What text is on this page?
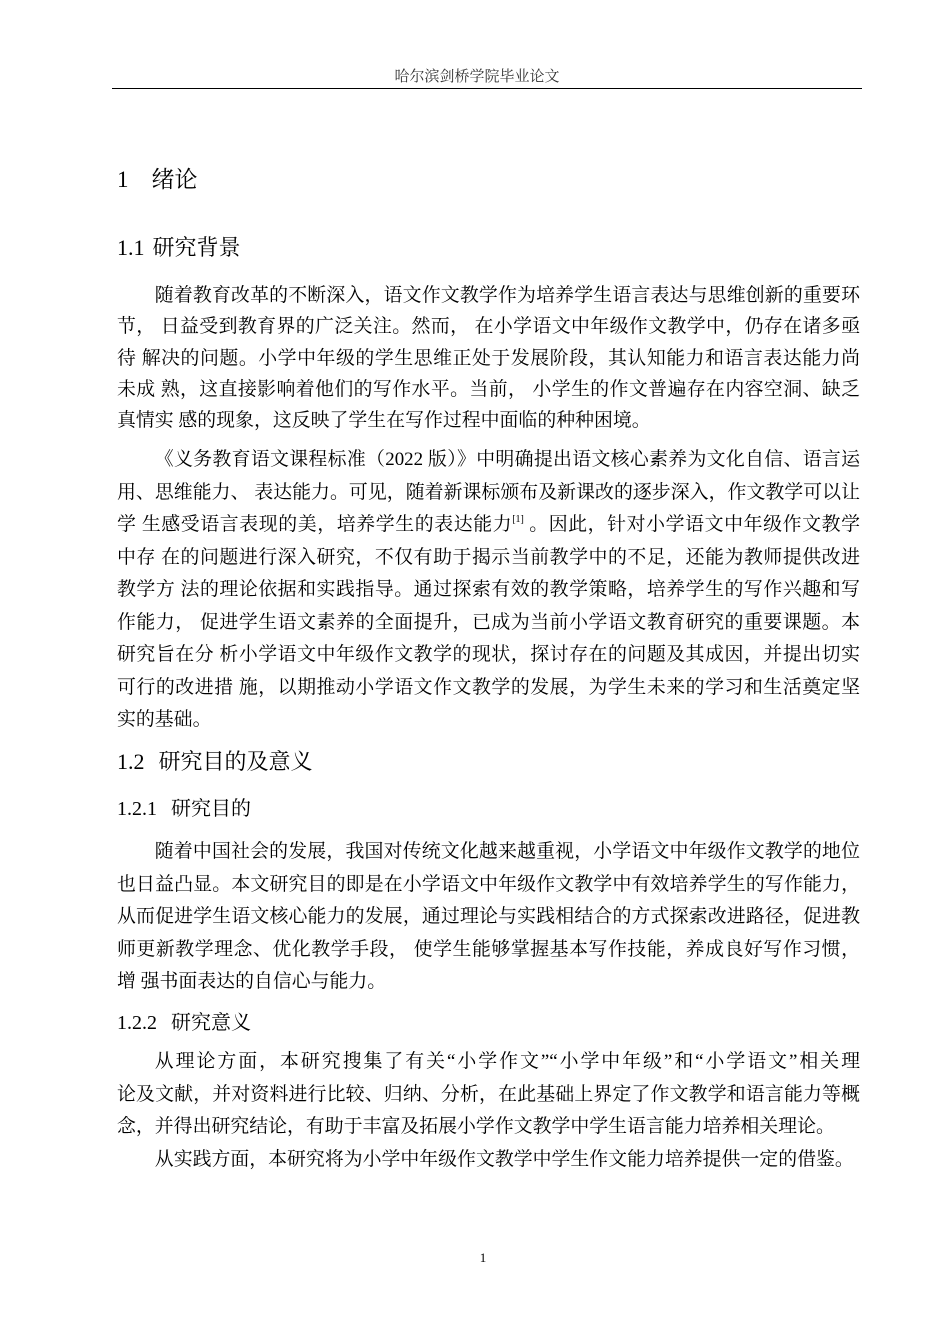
哈尔滨剑桥学院毕业论文
1 绪论
1.1 研究背景
随着教育改革的不断深入，语文作文教学作为培养学生语言表达与思维创新的重要环
节， 日益受到教育界的广泛关注。然而， 在小学语文中年级作文教学中，仍存在诸多亟
待 解决的问题。小学中年级的学生思维正处于发展阶段，其认知能力和语言表达能力尚
未成 熟，这直接影响着他们的写作水平。当前， 小学生的作文普遍存在内容空洞、缺乏
真情实 感的现象，这反映了学生在写作过程中面临的种种困境。
《义务教育语文课程标准（2022 版）》中明确提出语文核心素养为文化自信、语言运
用、思维能力、 表达能力。可见，随着新课标颁布及新课改的逐步深入，作文教学可以让
学 生感受语言表现的美，培养学生的表达能力[1] 。因此，针对小学语文中年级作文教学
中存 在的问题进行深入研究，不仅有助于揭示当前教学中的不足，还能为教师提供改进
教学方 法的理论依据和实践指导。通过探索有效的教学策略，培养学生的写作兴趣和写
作能力， 促进学生语文素养的全面提升，已成为当前小学语文教育研究的重要课题。本
研究旨在分 析小学语文中年级作文教学的现状，探讨存在的问题及其成因，并提出切实
可行的改进措 施，以期推动小学语文作文教学的发展，为学生未来的学习和生活奠定坚
实的基础。
1.2 研究目的及意义
1.2.1 研究目的
随着中国社会的发展，我国对传统文化越来越重视，小学语文中年级作文教学的地位
也日益凸显。本文研究目的即是在小学语文中年级作文教学中有效培养学生的写作能力，
从而促进学生语文核心能力的发展，通过理论与实践相结合的方式探索改进路径，促进教
师更新教学理念、优化教学手段， 使学生能够掌握基本写作技能，养成良好写作习惯，
增 强书面表达的自信心与能力。
1.2.2 研究意义
从理论方面，本研究搜集了有关“小学作文”“小学中年级”和“小学语文”相关理
论及文献，并对资料进行比较、归纳、分析，在此基础上界定了作文教学和语言能力等概
念，并得出研究结论，有助于丰富及拓展小学作文教学中学生语言能力培养相关理论。
从实践方面，本研究将为小学中年级作文教学中学生作文能力培养提供一定的借鉴。
1
